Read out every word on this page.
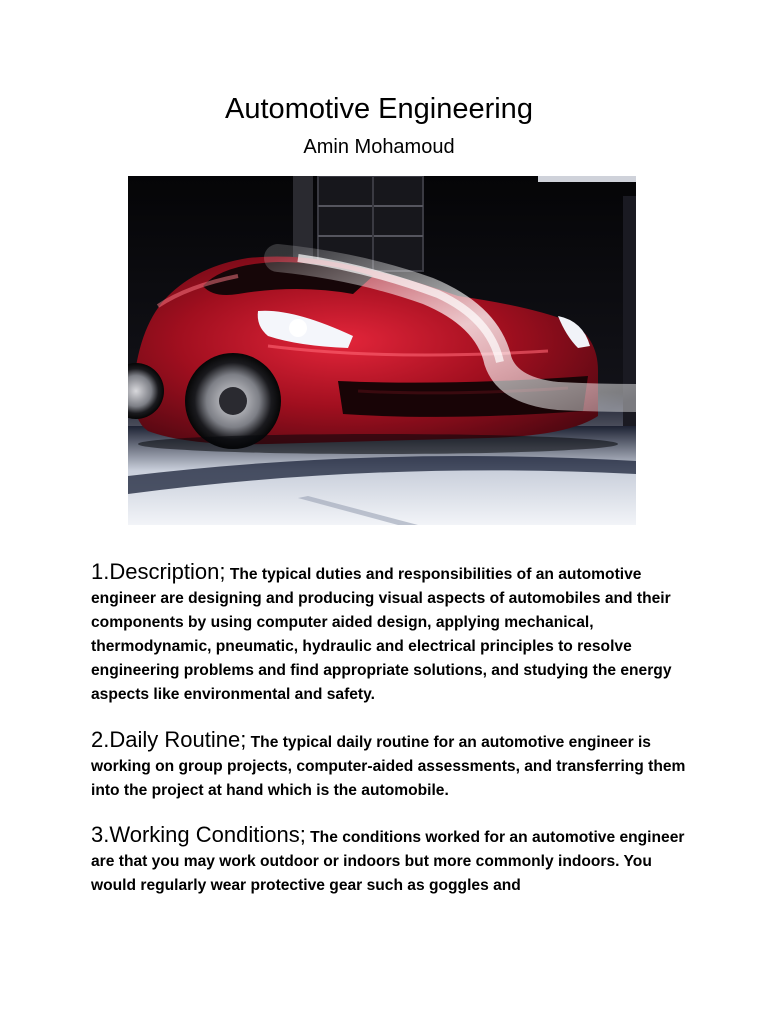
Automotive Engineering

Amin Mohamoud

1.Description; The typical duties and responsibilities of an automotive engineer are designing and producing visual aspects of automobiles and their components by using computer aided design, applying mechanical, thermodynamic, pneumatic, hydraulic and electrical principles to resolve engineering problems and find appropriate solutions, and studying the energy aspects like environmental and safety.

2.Daily Routine; The typical daily routine for an automotive engineer is working on group projects, computer-aided assessments, and transferring them into the project at hand which is the automobile.

3.Working Conditions; The conditions worked for an automotive engineer are that you may work outdoor or indoors but more commonly indoors. You would regularly wear protective gear such as goggles and
